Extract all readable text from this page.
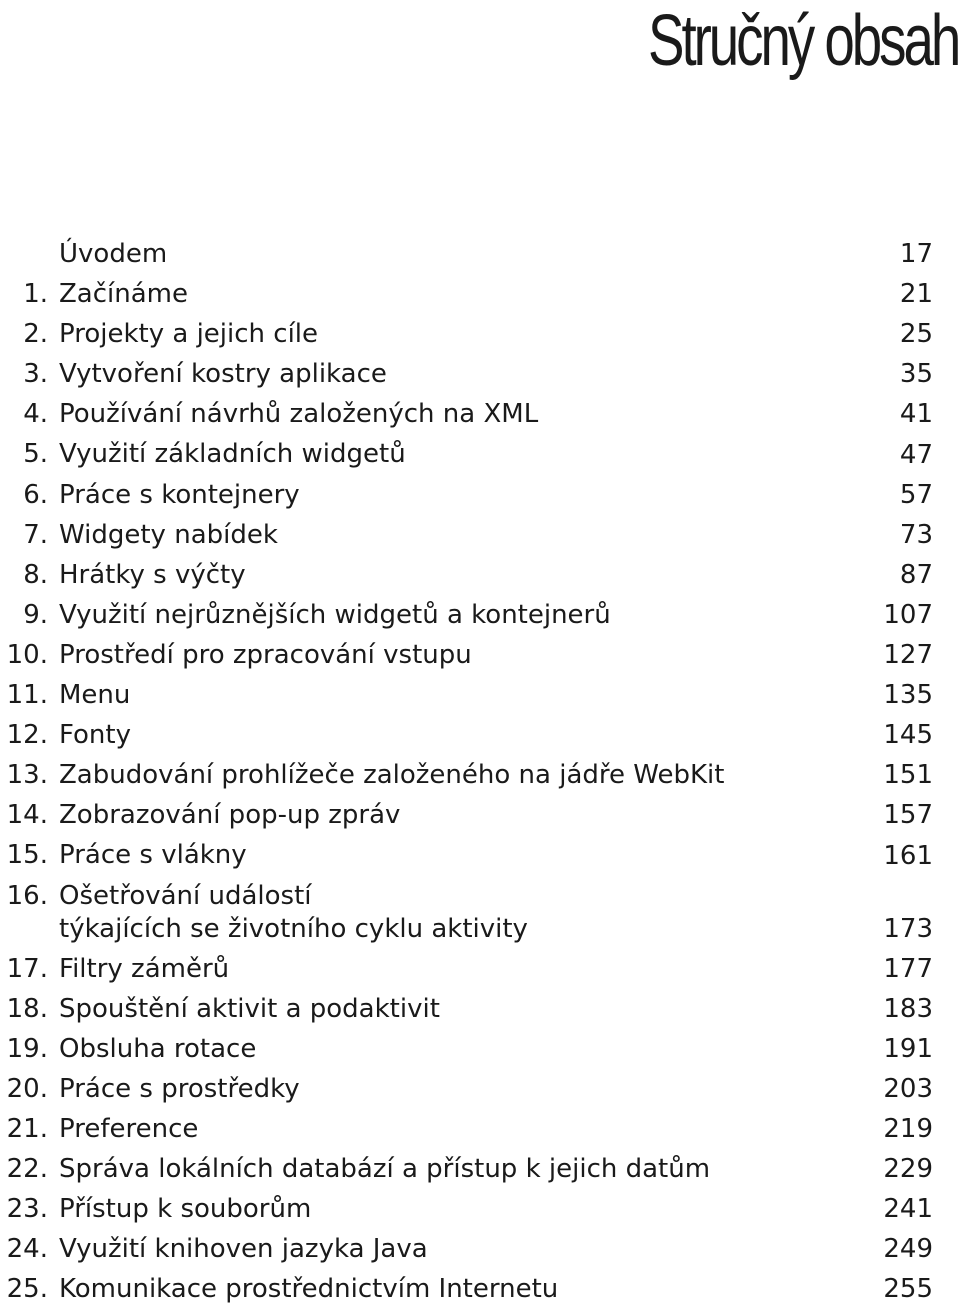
Stručný obsah
Úvodem	17
1. Začínáme	21
2. Projekty a jejich cíle	25
3. Vytvoření kostry aplikace	35
4. Používání návrhů založených na XML	41
5. Využití základních widgetů	47
6. Práce s kontejnery	57
7. Widgety nabídek	73
8. Hrátky s výčty	87
9. Využití nejrůznějších widgetů a kontejnerů	107
10. Prostředí pro zpracování vstupu	127
11. Menu	135
12. Fonty	145
13. Zabudování prohlížeče založeného na jádře WebKit	151
14. Zobrazování pop-up zpráv	157
15. Práce s vlákny	161
16. Ošetřování událostí
týkajících se životního cyklu aktivity	173
17. Filtry záměrů	177
18. Spouštění aktivit a podaktivit	183
19. Obsluha rotace	191
20. Práce s prostředky	203
21. Preference	219
22. Správa lokálních databází a přístup k jejich datům	229
23. Přístup k souborům	241
24. Využití knihoven jazyka Java	249
25. Komunikace prostřednictvím Internetu	255
